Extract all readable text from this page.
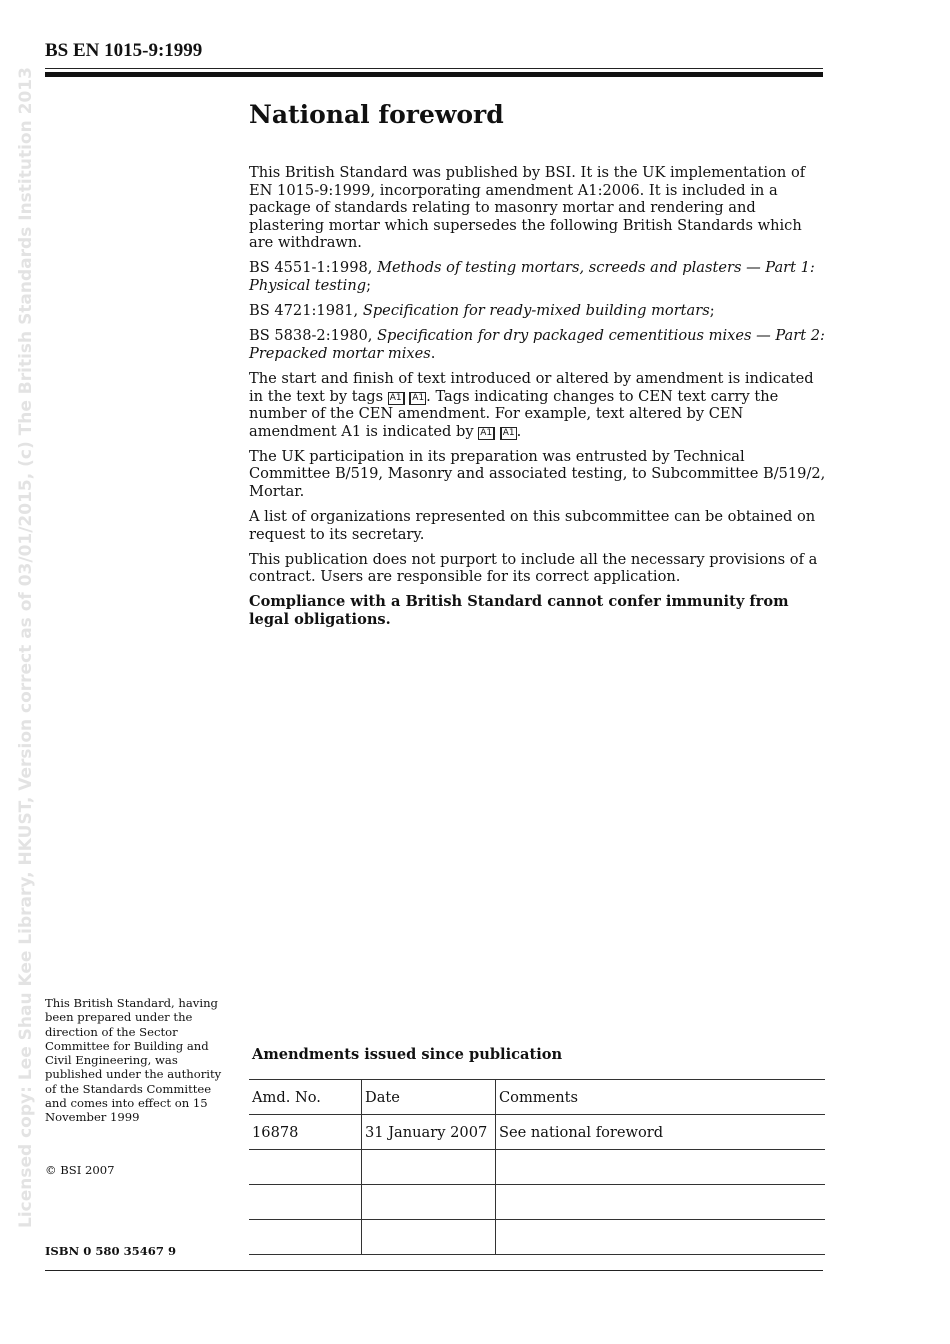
BS EN 1015-9:1999
Licensed copy: Lee Shau Kee Library, HKUST, Version correct as of 03/01/2015, (c) The British Standards Institution 2013	National foreword

This British Standard was published by BSI. It is the UK implementation of EN 1015-9:1999, incorporating amendment A1:2006. It is included in a package of standards relating to masonry mortar and rendering and plastering mortar which supersedes the following British Standards which are withdrawn.

BS 4551-1:1998, Methods of testing mortars, screeds and plasters — Part 1: Physical testing;

BS 4721:1981, Specification for ready-mixed building mortars;

BS 5838-2:1980, Specification for dry packaged cementitious mixes — Part 2: Prepacked mortar mixes.

The start and finish of text introduced or altered by amendment is indicated in the text by tags A1 A1 . Tags indicating changes to CEN text carry the number of the CEN amendment. For example, text altered by CEN amendment A1 is indicated by A1 A1 .

The UK participation in its preparation was entrusted by Technical Committee B/519, Masonry and associated testing, to Subcommittee B/519/2, Mortar.

A list of organizations represented on this subcommittee can be obtained on request to its secretary.

This publication does not purport to include all the necessary provisions of a contract. Users are responsible for its correct application.

Compliance with a British Standard cannot confer immunity from legal obligations.

This British Standard, having been prepared under the direction of the Sector Committee for Building and Civil Engineering, was published under the authority of the Standards Committee and comes into effect on 15 November 1999
© BSI 2007
ISBN 0 580 35467 9
Amendments issued since publication
Amd. No.	Date	Comments
16878	31 January 2007	See national foreword
